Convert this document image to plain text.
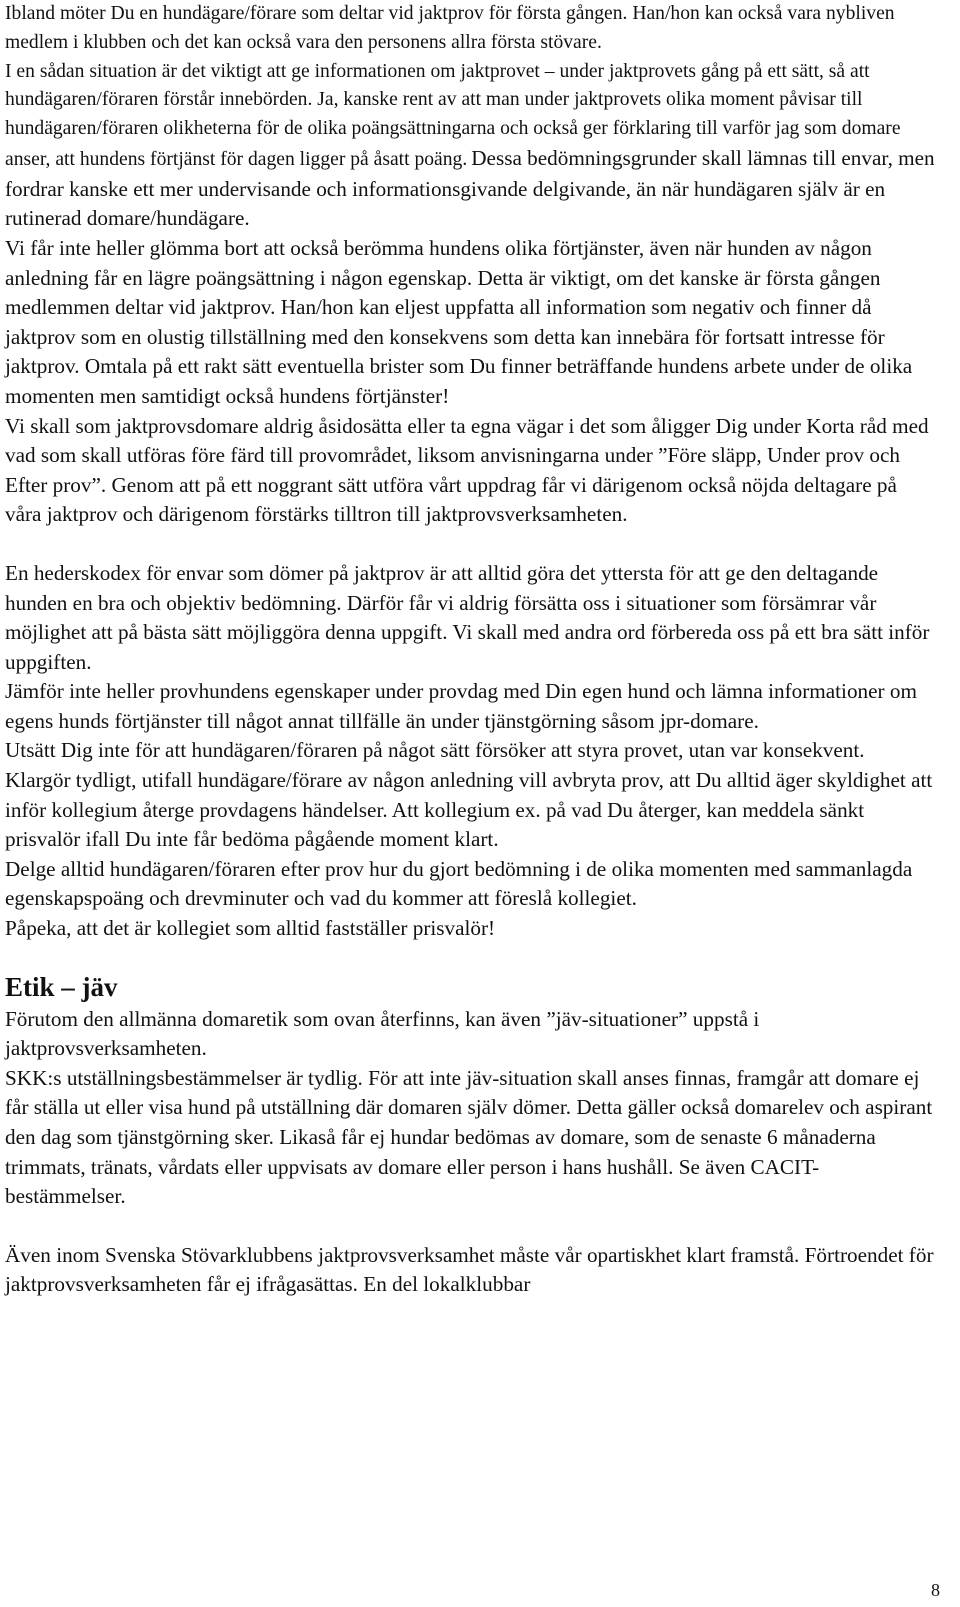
Ibland möter Du en hundägare/förare som deltar vid jaktprov för första gången. Han/hon kan också vara nybliven medlem i klubben och det kan också vara den personens allra första stövare.

I en sådan situation är det viktigt att ge informationen om jaktprovet – under jaktprovets gång på ett sätt, så att hundägaren/föraren förstår innebörden. Ja, kanske rent av att man under jaktprovets olika moment påvisar till hundägaren/föraren olikheterna för de olika poängsättningarna och också ger förklaring till varför jag som domare anser, att hundens förtjänst för dagen ligger på åsatt poäng.

Dessa bedömningsgrunder skall lämnas till envar, men fordrar kanske ett mer undervisande och informationsgivande delgivande, än när hundägaren själv är en rutinerad domare/hundägare.

Vi får inte heller glömma bort att också berömma hundens olika förtjänster, även när hunden av någon anledning får en lägre poängsättning i någon egenskap. Detta är viktigt, om det kanske är första gången medlemmen deltar vid jaktprov. Han/hon kan eljest uppfatta all information som negativ och finner då jaktprov som en olustig tillställning med den konsekvens som detta kan innebära för fortsatt intresse för jaktprov. Omtala på ett rakt sätt eventuella brister som Du finner beträffande hundens arbete under de olika momenten men samtidigt också hundens förtjänster!

Vi skall som jaktprovsdomare aldrig åsidosätta eller ta egna vägar i det som åligger Dig under Korta råd med vad som skall utföras före färd till provområdet, liksom anvisningarna under ”Före släpp, Under prov och Efter prov”. Genom att på ett noggrant sätt utföra vårt uppdrag får vi därigenom också nöjda deltagare på våra jaktprov och därigenom förstärks tilltron till jaktprovsverksamheten.

En hederskodex för envar som dömer på jaktprov är att alltid göra det yttersta för att ge den deltagande hunden en bra och objektiv bedömning. Därför får vi aldrig försätta oss i situationer som försämrar vår möjlighet att på bästa sätt möjliggöra denna uppgift. Vi skall med andra ord förbereda oss på ett bra sätt inför uppgiften.

Jämför inte heller provhundens egenskaper under provdag med Din egen hund och lämna informationer om egens hunds förtjänster till något annat tillfälle än under tjänstgörning såsom jpr-domare.

Utsätt Dig inte för att hundägaren/föraren på något sätt försöker att styra provet, utan var konsekvent. Klargör tydligt, utifall hundägare/förare av någon anledning vill avbryta prov, att Du alltid äger skyldighet att inför kollegium återge provdagens händelser. Att kollegium ex. på vad Du återger, kan meddela sänkt prisvalör ifall Du inte får bedöma pågående moment klart.

Delge alltid hundägaren/föraren efter prov hur du gjort bedömning i de olika momenten med sammanlagda egenskapspoäng och drevminuter och vad du kommer att föreslå kollegiet.

Påpeka, att det är kollegiet som alltid fastställer prisvalör!

Etik – jäv

Förutom den allmänna domaretik som ovan återfinns, kan även ”jäv-situationer” uppstå i jaktprovsverksamheten.

SKK:s utställningsbestämmelser är tydlig. För att inte jäv-situation skall anses finnas, framgår att domare ej får ställa ut eller visa hund på utställning där domaren själv dömer. Detta gäller också domarelev och aspirant den dag som tjänstgörning sker. Likaså får ej hundar bedömas av domare, som de senaste 6 månaderna trimmats, tränats, vårdats eller uppvisats av domare eller person i hans hushåll. Se även CACIT-bestämmelser.

Även inom Svenska Stövarklubbens jaktprovsverksamhet måste vår opartiskhet klart framstå. Förtroendet för jaktprovsverksamheten får ej ifrågasättas. En del lokalklubbar

8
